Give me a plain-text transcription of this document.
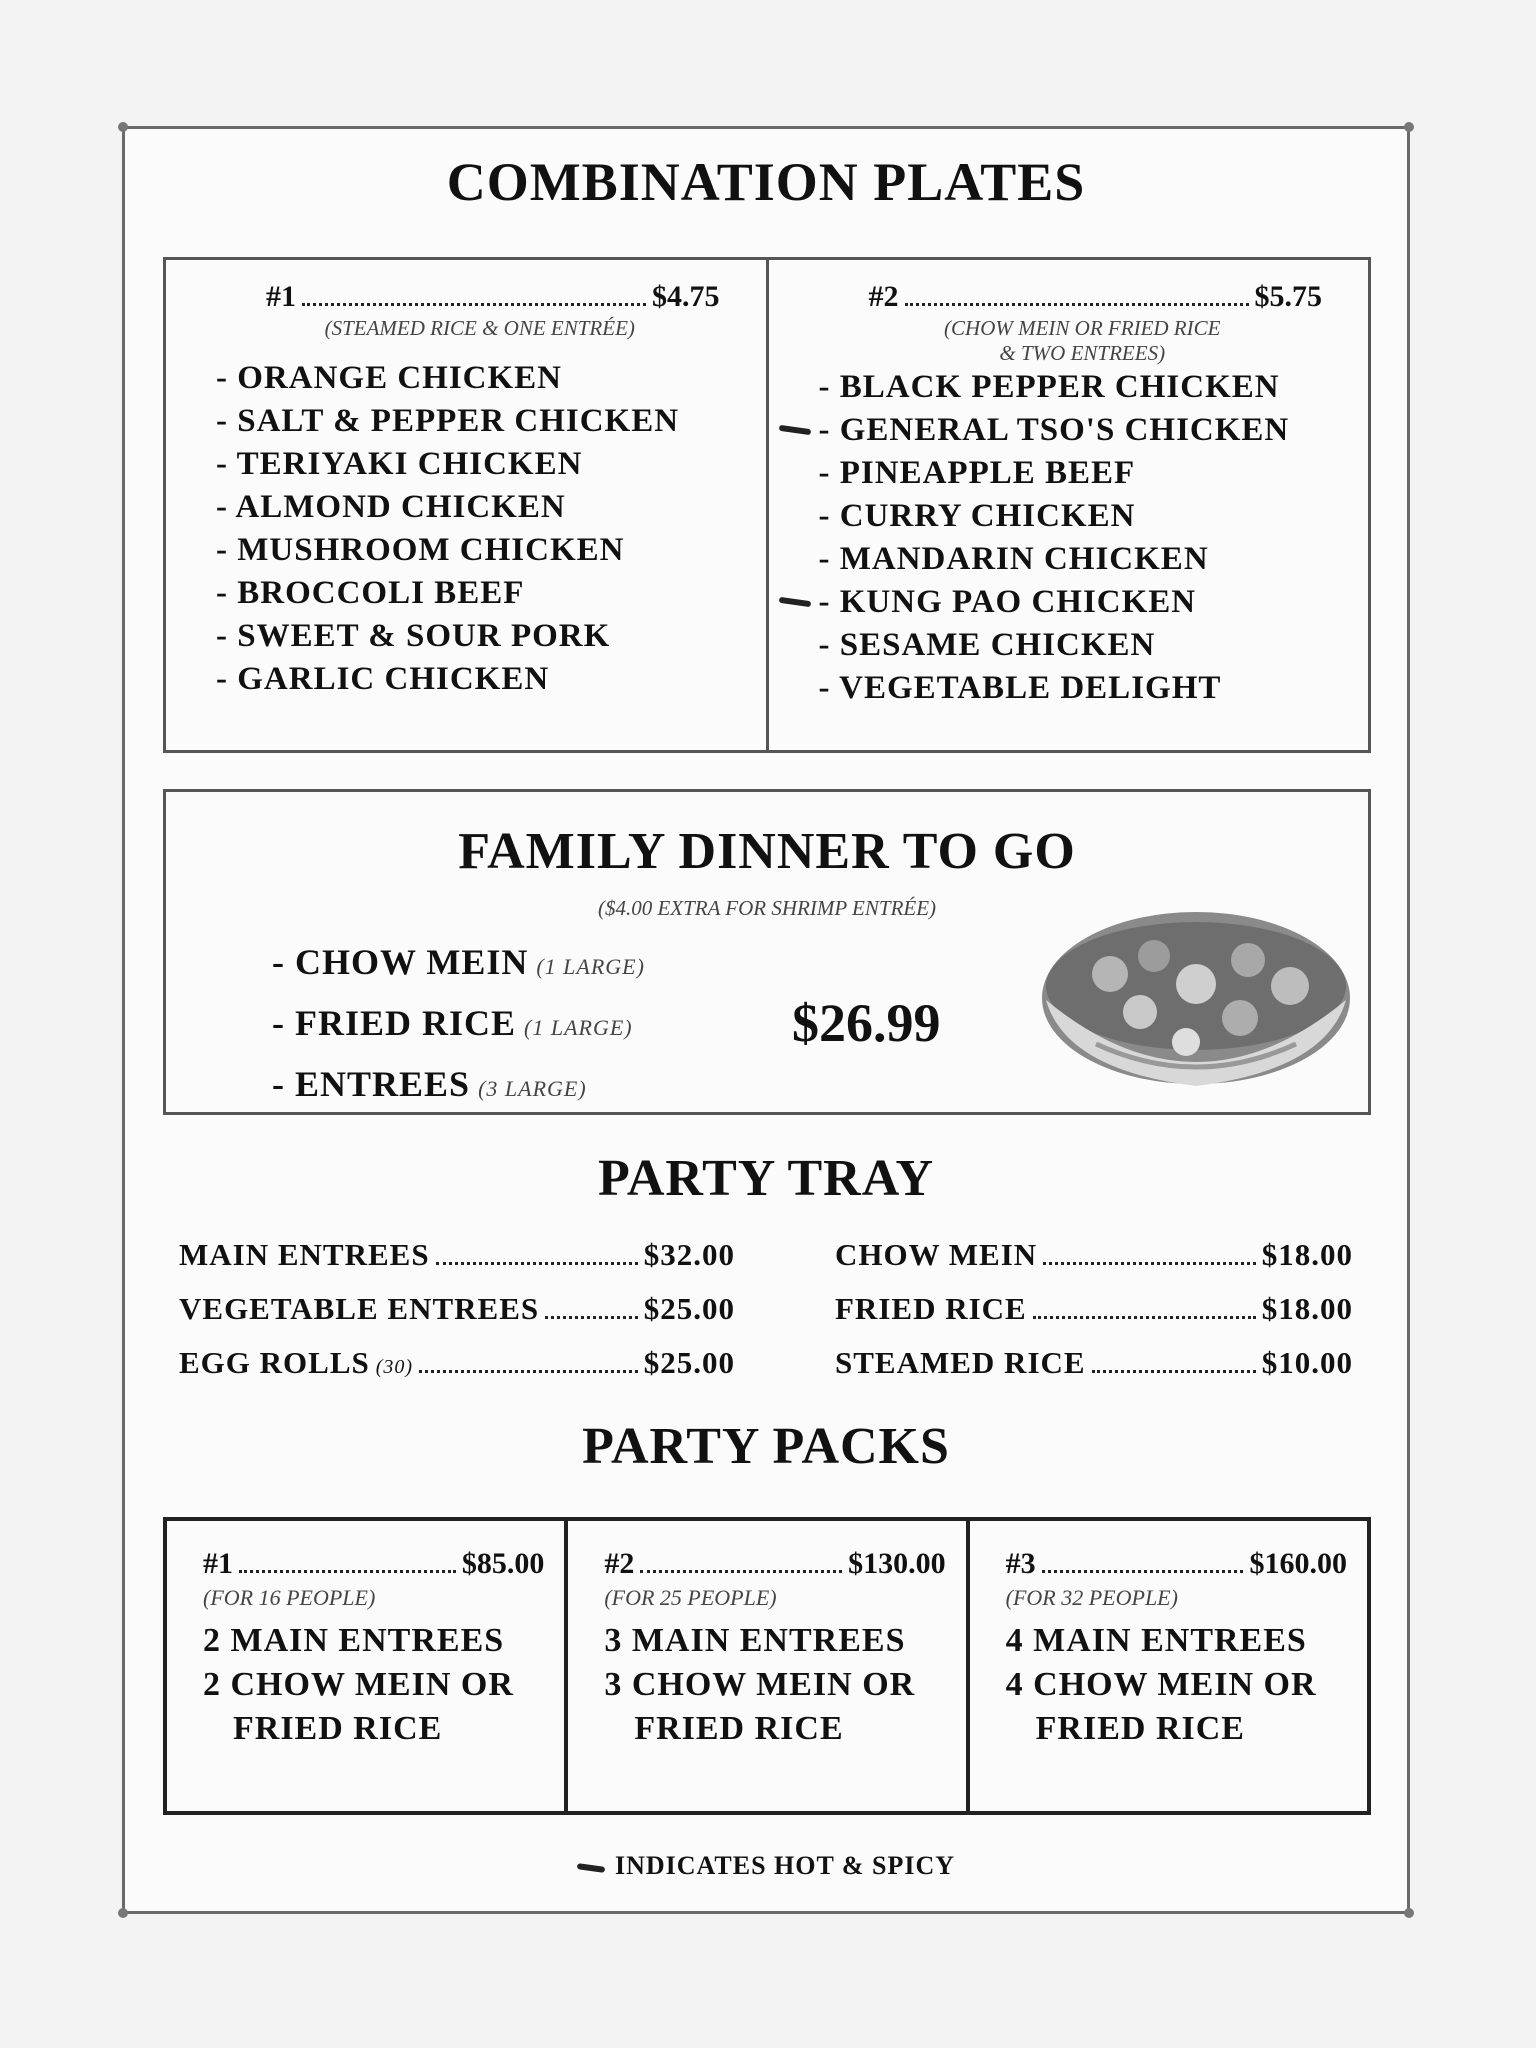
COMBINATION PLATES
#1	$4.75
(STEAMED RICE & ONE ENTRÉE)
- ORANGE CHICKEN
- SALT & PEPPER CHICKEN
- TERIYAKI CHICKEN
- ALMOND CHICKEN
- MUSHROOM CHICKEN
- BROCCOLI BEEF
- SWEET & SOUR PORK
- GARLIC CHICKEN
#2	$5.75
(CHOW MEIN OR FRIED RICE
& TWO ENTREES)
- BLACK PEPPER CHICKEN
- GENERAL TSO'S CHICKEN
- PINEAPPLE BEEF
- CURRY CHICKEN
- MANDARIN CHICKEN
- KUNG PAO CHICKEN
- SESAME CHICKEN
- VEGETABLE DELIGHT
FAMILY DINNER TO GO
($4.00 EXTRA FOR SHRIMP ENTRÉE)
- CHOW MEIN (1 LARGE)
- FRIED RICE (1 LARGE)
- ENTREES (3 LARGE)
$26.99
PARTY TRAY
MAIN ENTREES	$32.00	CHOW MEIN	$18.00
VEGETABLE ENTREES	$25.00	FRIED RICE	$18.00
EGG ROLLS (30)	$25.00	STEAMED RICE	$10.00
PARTY PACKS
#1	$85.00
(FOR 16 PEOPLE)
2 MAIN ENTREES
2 CHOW MEIN OR
FRIED RICE
#2	$130.00
(FOR 25 PEOPLE)
3 MAIN ENTREES
3 CHOW MEIN OR
FRIED RICE
#3	$160.00
(FOR 32 PEOPLE)
4 MAIN ENTREES
4 CHOW MEIN OR
FRIED RICE
INDICATES HOT & SPICY
